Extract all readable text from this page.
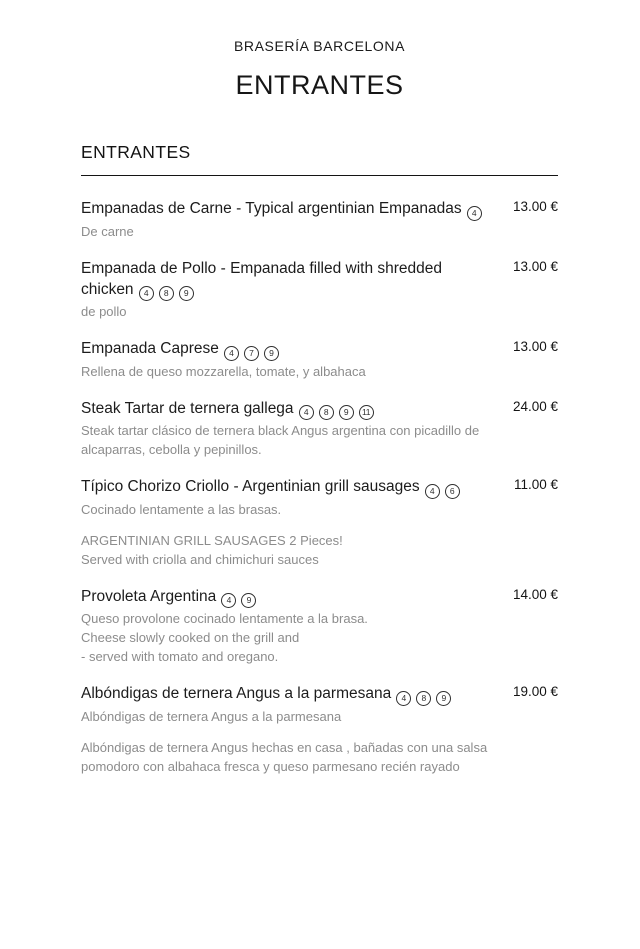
BRASERÍA BARCELONA
ENTRANTES
ENTRANTES
Empanadas de Carne - Typical argentinian Empanadas 4
De carne
13.00 €
Empanada de Pollo - Empanada filled with shredded chicken 4 8 9
de pollo
13.00 €
Empanada Caprese 4 7 9
Rellena de queso mozzarella, tomate, y albahaca
13.00 €
Steak Tartar de ternera gallega 4 8 9 11
Steak tartar clásico de ternera black Angus argentina con picadillo de alcaparras, cebolla y pepinillos.
24.00 €
Típico Chorizo Criollo - Argentinian grill sausages 4 6
Cocinado lentamente a las brasas.
ARGENTINIAN GRILL SAUSAGES 2 Pieces!
Served with criolla and chimichuri sauces
11.00 €
Provoleta Argentina 4 9
Queso provolone cocinado lentamente a la brasa.
Cheese slowly cooked on the grill and
- served with tomato and oregano.
14.00 €
Albóndigas de ternera Angus a la parmesana 4 8 9
Albóndigas de ternera Angus a la parmesana
Albóndigas de ternera Angus hechas en casa , bañadas con una salsa pomodoro con albahaca fresca y queso parmesano recién rayado
19.00 €
